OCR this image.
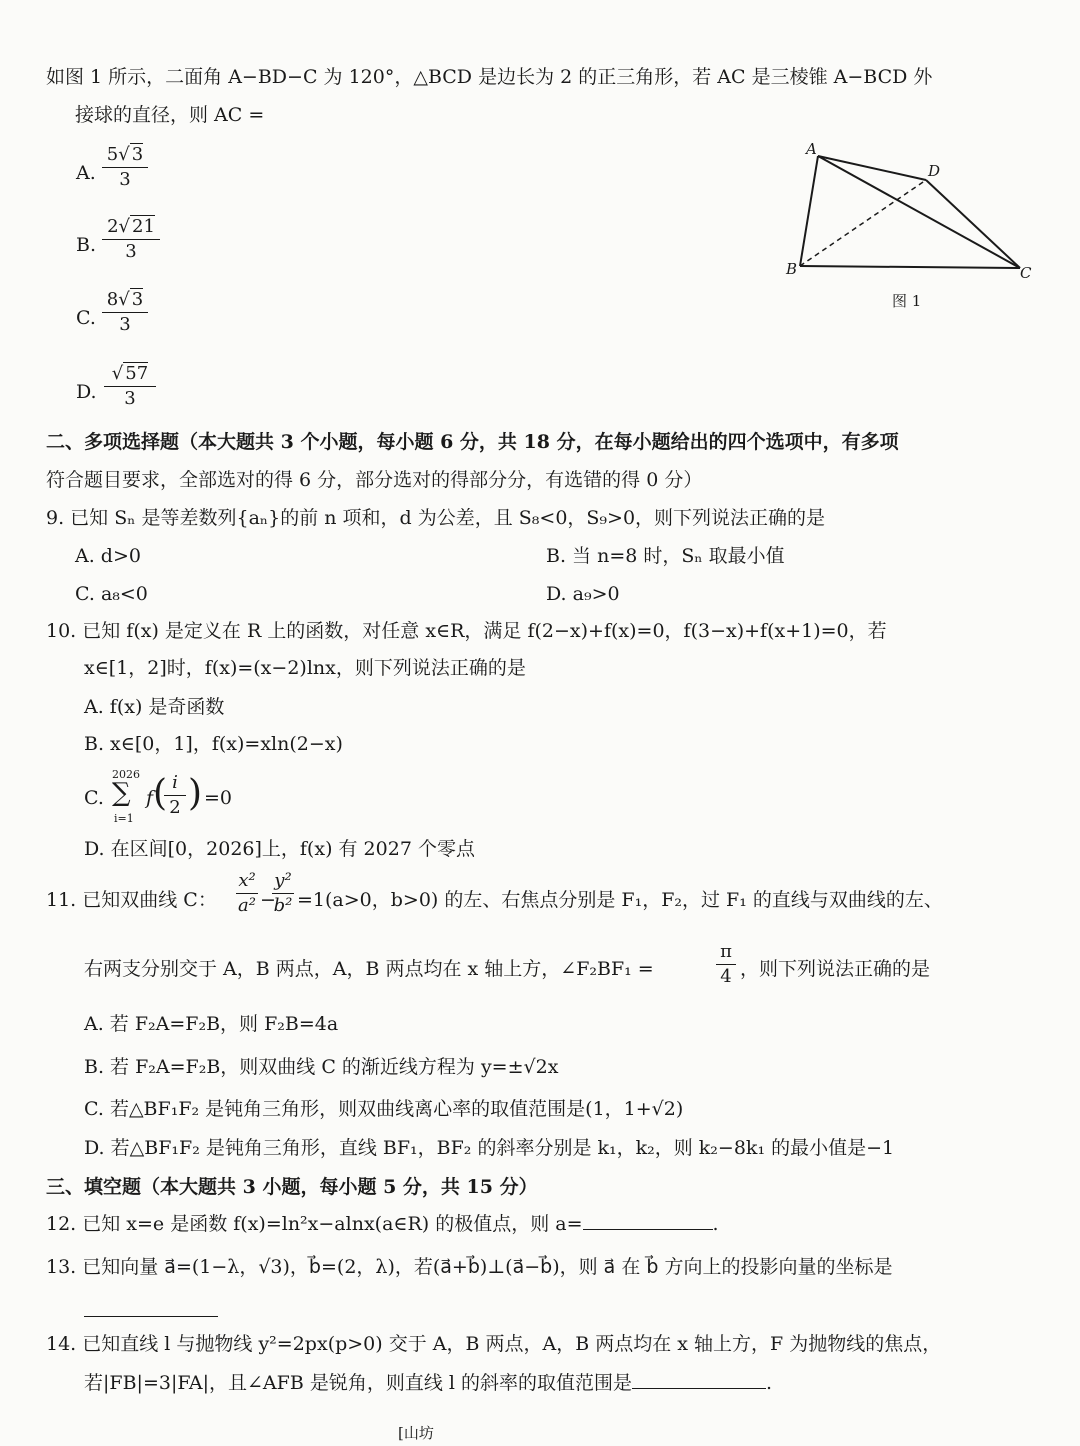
如图 1 所示，二面角 A−BD−C 为 120°，△BCD 是边长为 2 的正三角形，若 AC 是三棱锥 A−BCD 外
接球的直径，则 AC =
A.
5√ 3
3
B.
2√ 21
3
C.
8√ 3
3
D.
√ 57
3
A
B	C
D
图 1
二、多项选择题（本大题共 3 个小题，每小题 6 分，共 18 分，在每小题给出的四个选项中，有多项
符合题目要求，全部选对的得 6 分，部分选对的得部分分，有选错的得 0 分）
9. 已知 Sₙ 是等差数列{aₙ}的前 n 项和，d 为公差，且 S₈<0，S₉>0，则下列说法正确的是
A. d>0	B. 当 n=8 时，Sₙ 取最小值
C. a₈<0	D. a₉>0
10. 已知 f(x) 是定义在 R 上的函数，对任意 x∈R，满足 f(2−x)+f(x)=0，f(3−x)+f(x+1)=0，若
x∈[1，2]时，f(x)=(x−2)lnx，则下列说法正确的是
A. f(x) 是奇函数
B. x∈[0，1]，f(x)=xln(2−x)
C.
2026
∑
i=1
f ( i
2 ) =0
D. 在区间[0，2026]上，f(x) 有 2027 个零点
11. 已知双曲线 C：
x²
a² −
y²
b² =1(a>0，b>0) 的左、右焦点分别是 F₁，F₂，过 F₁ 的直线与双曲线的左、
右两支分别交于 A，B 两点，A，B 两点均在 x 轴上方，∠F₂BF₁ =
π
4 ，则下列说法正确的是
A. 若 F₂A=F₂B，则 F₂B=4a
B. 若 F₂A=F₂B，则双曲线 C 的渐近线方程为 y=±√2x
C. 若△BF₁F₂ 是钝角三角形，则双曲线离心率的取值范围是(1，1+√2)
D. 若△BF₁F₂ 是钝角三角形，直线 BF₁，BF₂ 的斜率分别是 k₁，k₂，则 k₂−8k₁ 的最小值是−1
三、填空题（本大题共 3 小题，每小题 5 分，共 15 分）
12. 已知 x=e 是函数 f(x)=ln²x−alnx(a∈R) 的极值点，则 a=	.
13. 已知向量 a⃗=(1−λ，√3)，b⃗=(2，λ)，若(a⃗+b⃗)⊥(a⃗−b⃗)，则 a⃗ 在 b⃗ 方向上的投影向量的坐标是
14. 已知直线 l 与抛物线 y²=2px(p>0) 交于 A，B 两点，A，B 两点均在 x 轴上方，F 为抛物线的焦点，
若|FB|=3|FA|，且∠AFB 是锐角，则直线 l 的斜率的取值范围是	.
[山坊
